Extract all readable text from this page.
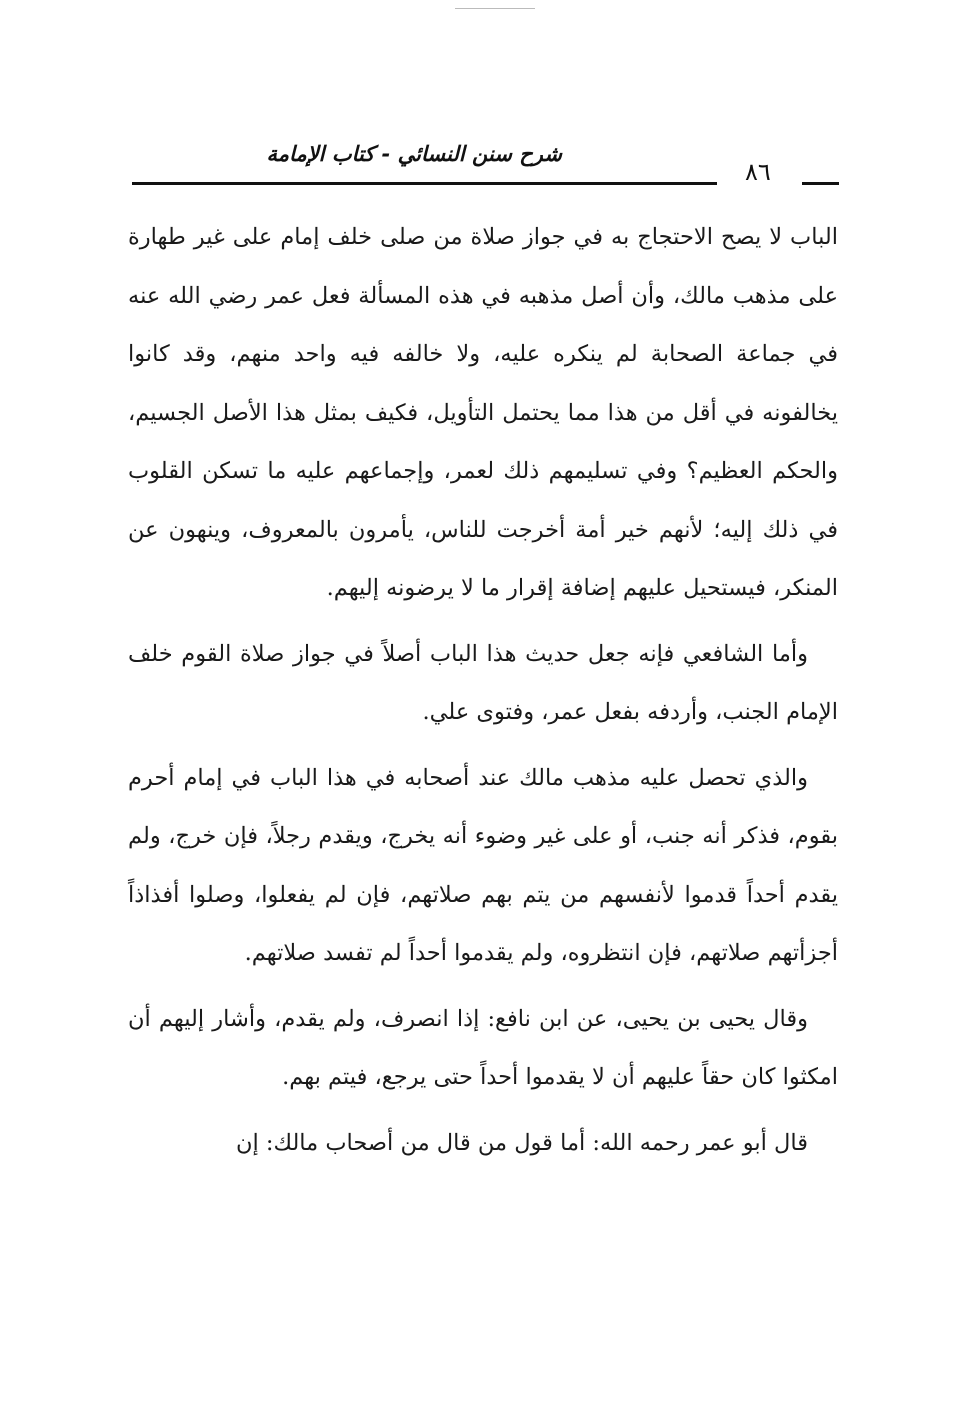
شرح سنن النسائي - كتاب الإمامة
٨٦

الباب لا يصح الاحتجاج به في جواز صلاة من صلى خلف إمام على غير طهارة على مذهب مالك، وأن أصل مذهبه في هذه المسألة فعل عمر رضي الله عنه في جماعة الصحابة لم ينكره عليه، ولا خالفه فيه واحد منهم، وقد كانوا يخالفونه في أقل من هذا مما يحتمل التأويل، فكيف بمثل هذا الأصل الجسيم، والحكم العظيم؟ وفي تسليمهم ذلك لعمر، وإجماعهم عليه ما تسكن القلوب في ذلك إليه؛ لأنهم خير أمة أخرجت للناس، يأمرون بالمعروف، وينهون عن المنكر، فيستحيل عليهم إضافة إقرار ما لا يرضونه إليهم.

وأما الشافعي فإنه جعل حديث هذا الباب أصلاً في جواز صلاة القوم خلف الإمام الجنب، وأردفه بفعل عمر، وفتوى علي.

والذي تحصل عليه مذهب مالك عند أصحابه في هذا الباب في إمام أحرم بقوم، فذكر أنه جنب، أو على غير وضوء أنه يخرج، ويقدم رجلاً، فإن خرج، ولم يقدم أحداً قدموا لأنفسهم من يتم بهم صلاتهم، فإن لم يفعلوا، وصلوا أفذاذاً أجزأتهم صلاتهم، فإن انتظروه، ولم يقدموا أحداً لم تفسد صلاتهم.

وقال يحيى بن يحيى، عن ابن نافع: إذا انصرف، ولم يقدم، وأشار إليهم أن امكثوا كان حقاً عليهم أن لا يقدموا أحداً حتى يرجع، فيتم بهم.

قال أبو عمر رحمه الله: أما قول من قال من أصحاب مالك: إن
